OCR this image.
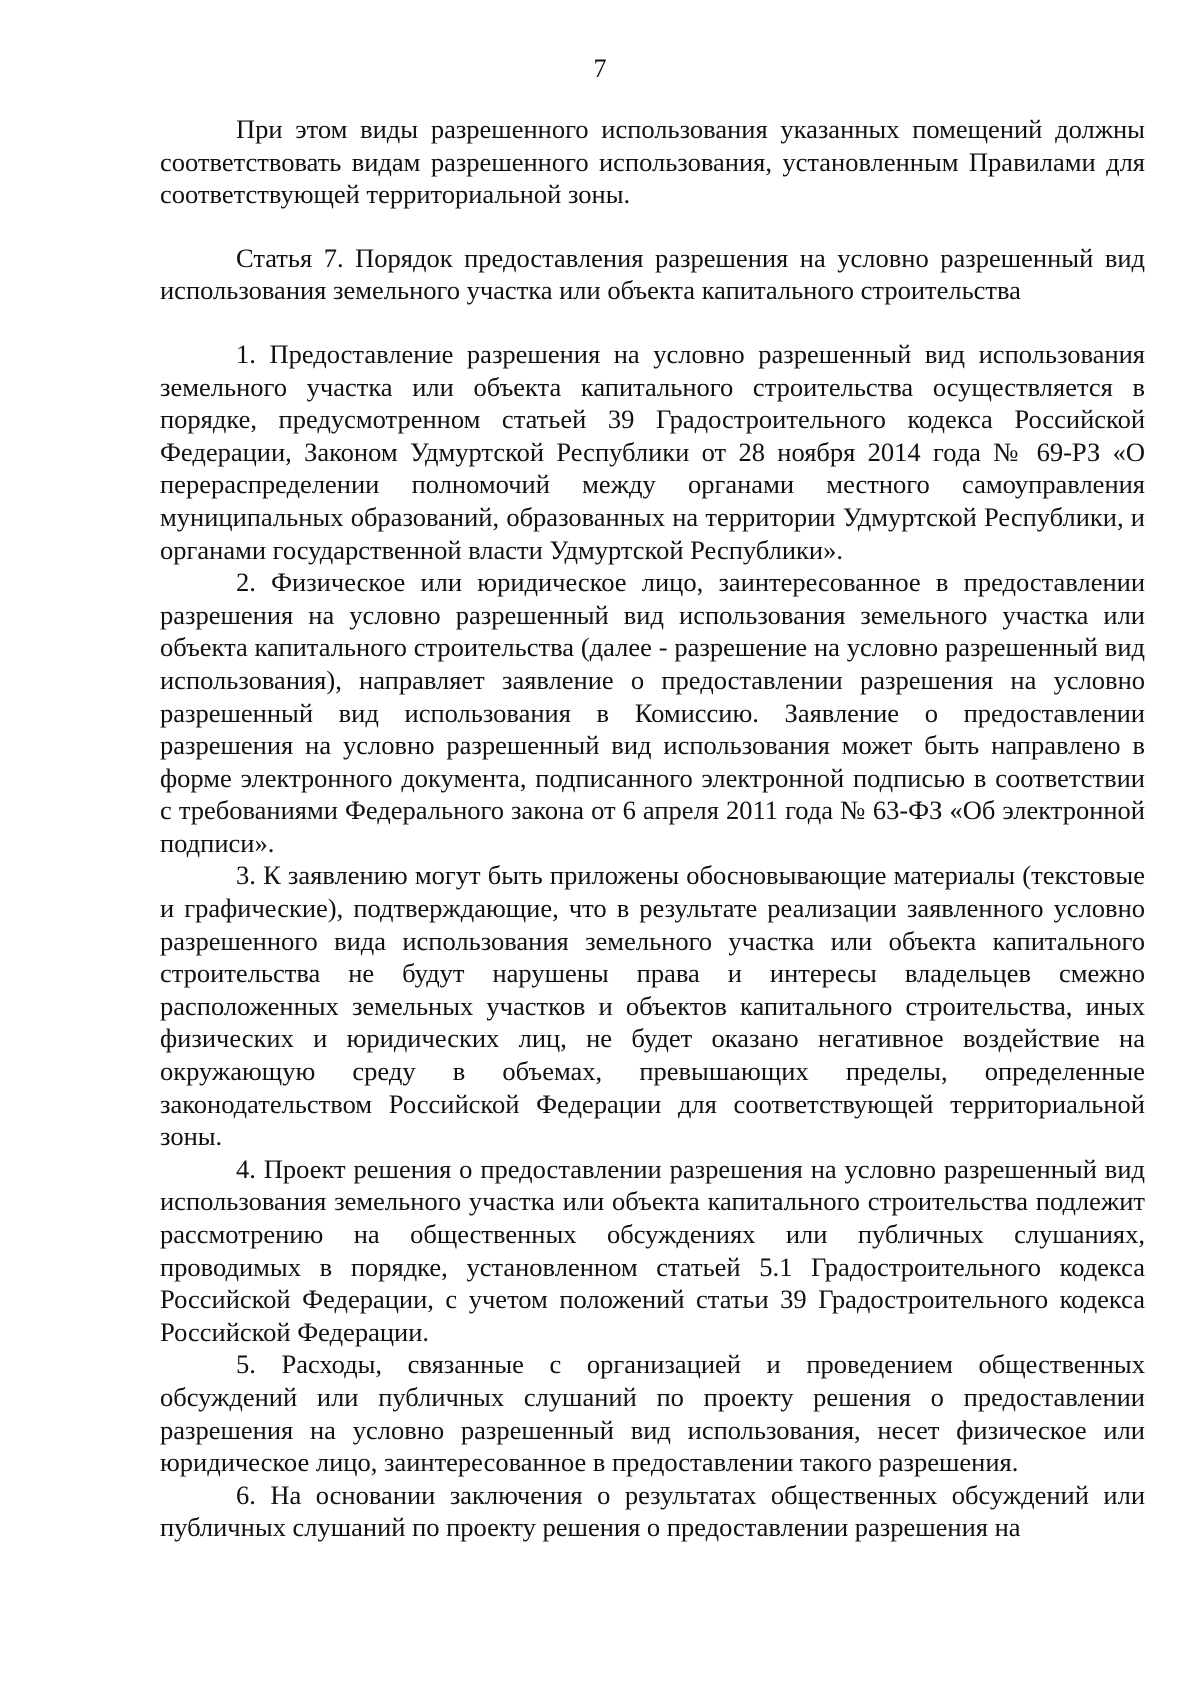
7

При этом виды разрешенного использования указанных помещений должны соответствовать видам разрешенного использования, установленным Правилами для соответствующей территориальной зоны.

Статья 7. Порядок предоставления разрешения на условно разрешенный вид использования земельного участка или объекта капитального строительства

1. Предоставление разрешения на условно разрешенный вид использования земельного участка или объекта капитального строительства осуществляется в порядке, предусмотренном статьей 39 Градостроительного кодекса Российской Федерации, Законом Удмуртской Республики от 28 ноября 2014 года № 69-РЗ «О перераспределении полномочий между органами местного самоуправления муниципальных образований, образованных на территории Удмуртской Республики, и органами государственной власти Удмуртской Республики».

2. Физическое или юридическое лицо, заинтересованное в предоставлении разрешения на условно разрешенный вид использования земельного участка или объекта капитального строительства (далее - разрешение на условно разрешенный вид использования), направляет заявление о предоставлении разрешения на условно разрешенный вид использования в Комиссию. Заявление о предоставлении разрешения на условно разрешенный вид использования может быть направлено в форме электронного документа, подписанного электронной подписью в соответствии с требованиями Федерального закона от 6 апреля 2011 года № 63-ФЗ «Об электронной подписи».

3. К заявлению могут быть приложены обосновывающие материалы (текстовые и графические), подтверждающие, что в результате реализации заявленного условно разрешенного вида использования земельного участка или объекта капитального строительства не будут нарушены права и интересы владельцев смежно расположенных земельных участков и объектов капитального строительства, иных физических и юридических лиц, не будет оказано негативное воздействие на окружающую среду в объемах, превышающих пределы, определенные законодательством Российской Федерации для соответствующей территориальной зоны.

4. Проект решения о предоставлении разрешения на условно разрешенный вид использования земельного участка или объекта капитального строительства подлежит рассмотрению на общественных обсуждениях или публичных слушаниях, проводимых в порядке, установленном статьей 5.1 Градостроительного кодекса Российской Федерации, с учетом положений статьи 39 Градостроительного кодекса Российской Федерации.

5. Расходы, связанные с организацией и проведением общественных обсуждений или публичных слушаний по проекту решения о предоставлении разрешения на условно разрешенный вид использования, несет физическое или юридическое лицо, заинтересованное в предоставлении такого разрешения.

6. На основании заключения о результатах общественных обсуждений или публичных слушаний по проекту решения о предоставлении разрешения на
